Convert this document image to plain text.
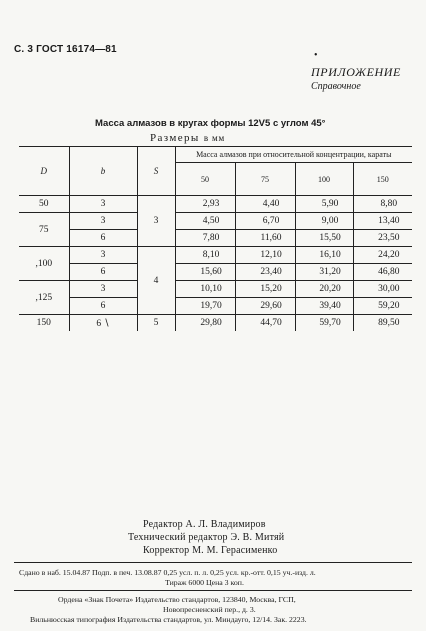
С. 3 ГОСТ 16174—81
•
ПРИЛОЖЕНИЕ
Справочное
Масса алмазов в кругах формы 12V5 с углом 45°
Размеры в мм
D	b	S	Масса алмазов при относительной концентрации, караты			
			50	75	100	150
50	3	3	2,93	4,40	5,90	8,80
75	3		4,50	6,70	9,00	13,40
	6		7,80	11,60	15,50	23,50
,100	3	4	8,10	12,10	16,10	24,20
	6		15,60	23,40	31,20	46,80
,125	3		10,10	15,20	20,20	30,00
	6		19,70	29,60	39,40	59,20
150	6 ∖	5	29,80	44,70	59,70	89,50
Редактор А. Л. Владимиров
Технический редактор Э. В. Митяй
Корректор М. М. Герасименко
Сдано в наб. 15.04.87 Подп. в печ. 13.08.87 0,25 усл. п. л. 0,25 усл. кр.-отт. 0,15 уч.-изд. л.
Тираж 6000 Цена 3 коп.
Ордена «Знак Почета» Издательство стандартов, 123840, Москва, ГСП,
Новопресненский пер., д. 3.
Вильнюсская типография Издательства стандартов, ул. Миндауго, 12/14. Зак. 2223.
